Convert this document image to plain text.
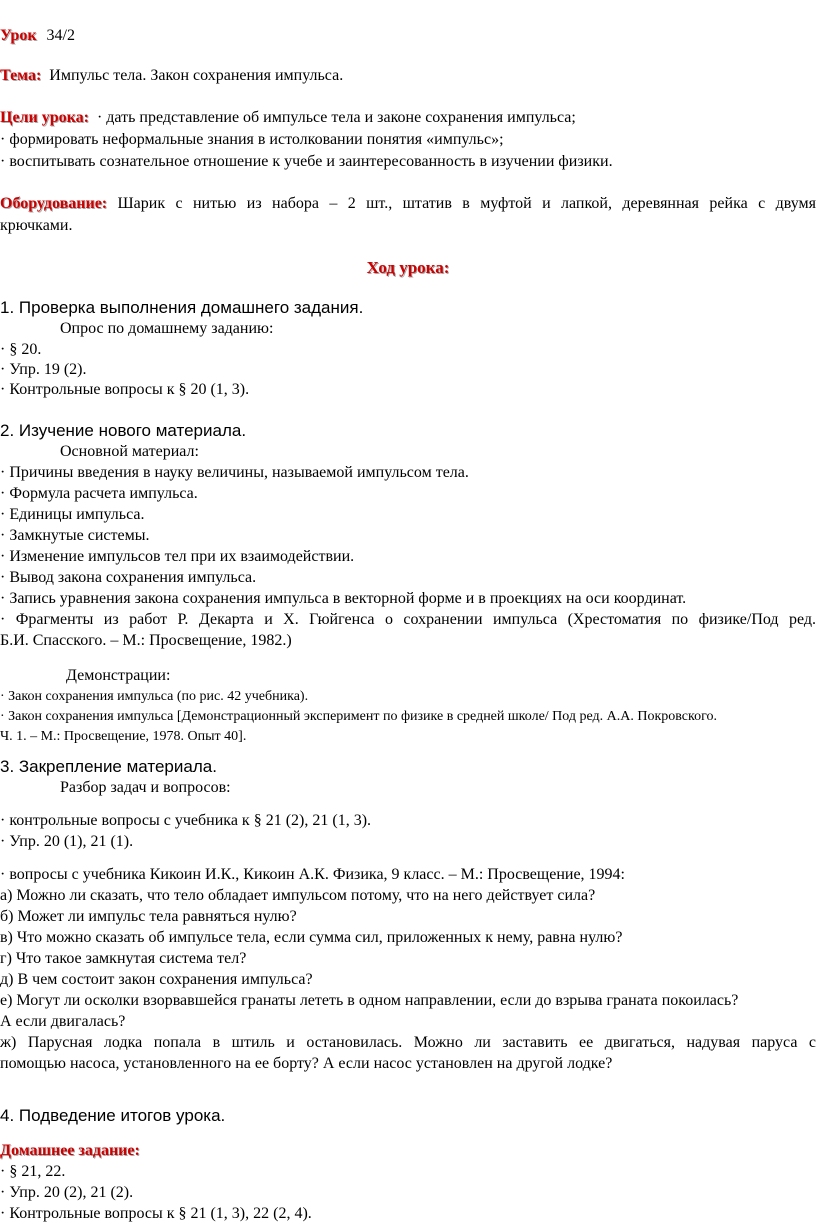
Урок 34/2
Тема: Импульс тела. Закон сохранения импульса.
Цели урока: · дать представление об импульсе тела и законе сохранения импульса;
· формировать неформальные знания в истолковании понятия «импульс»;
· воспитывать сознательное отношение к учебе и заинтересованность в изучении физики.
Оборудование: Шарик с нитью из набора – 2 шт., штатив в муфтой и лапкой, деревянная рейка с двумя
крючками.
Ход урока:
1. Проверка выполнения домашнего задания.
Опрос по домашнему заданию:
· § 20.
· Упр. 19 (2).
· Контрольные вопросы к § 20 (1, 3).
2. Изучение нового материала.
Основной материал:
· Причины введения в науку величины, называемой импульсом тела.
· Формула расчета импульса.
· Единицы импульса.
· Замкнутые системы.
· Изменение импульсов тел при их взаимодействии.
· Вывод закона сохранения импульса.
· Запись уравнения закона сохранения импульса в векторной форме и в проекциях на оси координат.
· Фрагменты из работ Р. Декарта и Х. Гюйгенса о сохранении импульса (Хрестоматия по физике/Под ред.
Б.И. Спасского. – М.: Просвещение, 1982.)
Демонстрации:
· Закон сохранения импульса (по рис. 42 учебника).
· Закон сохранения импульса [Демонстрационный эксперимент по физике в средней школе/ Под ред. А.А. Покровского.
Ч. 1. – М.: Просвещение, 1978. Опыт 40].
3. Закрепление материала.
Разбор задач и вопросов:
· контрольные вопросы с учебника к § 21 (2), 21 (1, 3).
· Упр. 20 (1), 21 (1).
· вопросы с учебника Кикоин И.К., Кикоин А.К. Физика, 9 класс. – М.: Просвещение, 1994:
а) Можно ли сказать, что тело обладает импульсом потому, что на него действует сила?
б) Может ли импульс тела равняться нулю?
в) Что можно сказать об импульсе тела, если сумма сил, приложенных к нему, равна нулю?
г) Что такое замкнутая система тел?
д) В чем состоит закон сохранения импульса?
е) Могут ли осколки взорвавшейся гранаты лететь в одном направлении, если до взрыва граната покоилась?
А если двигалась?
ж) Парусная лодка попала в штиль и остановилась. Можно ли заставить ее двигаться, надувая паруса с
помощью насоса, установленного на ее борту? А если насос установлен на другой лодке?
4. Подведение итогов урока.
Домашнее задание:
· § 21, 22.
· Упр. 20 (2), 21 (2).
· Контрольные вопросы к § 21 (1, 3), 22 (2, 4).
